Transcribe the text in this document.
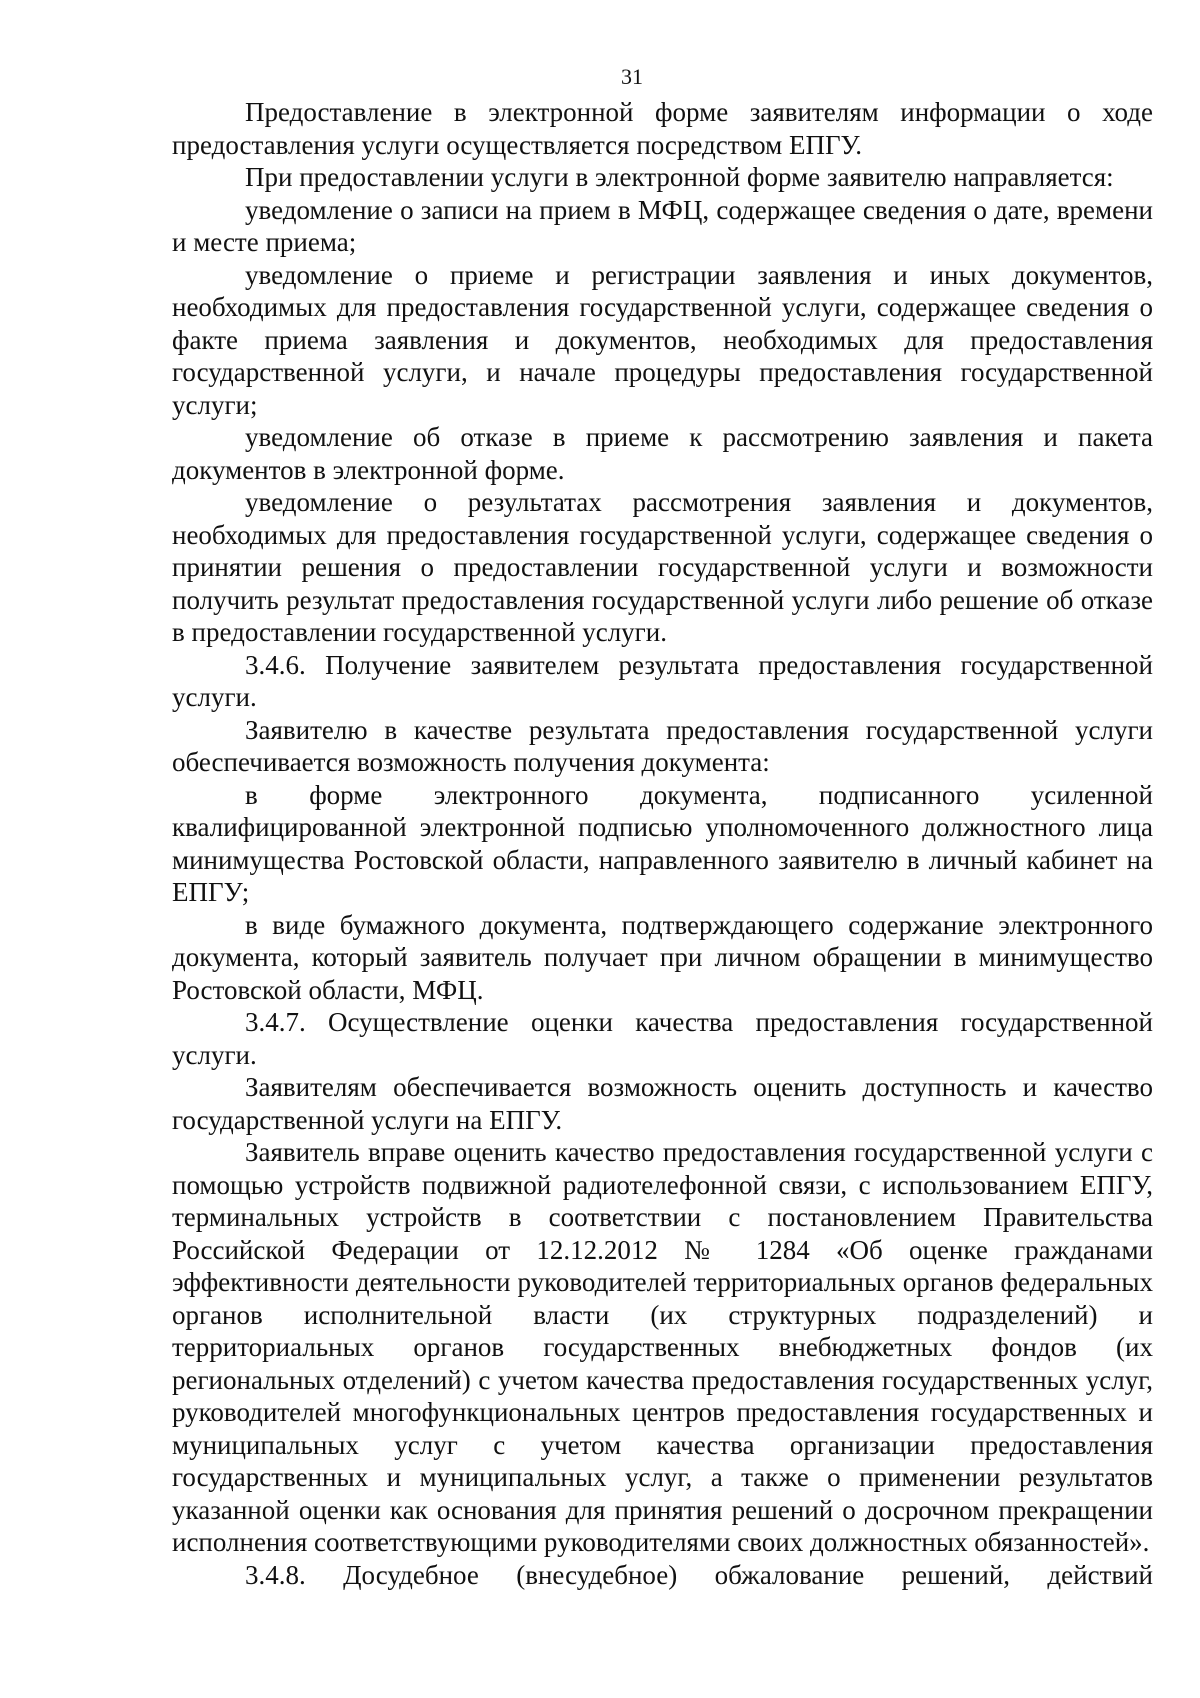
31

Предоставление в электронной форме заявителям информации о ходе предоставления услуги осуществляется посредством ЕПГУ.

При предоставлении услуги в электронной форме заявителю направляется:

уведомление о записи на прием в МФЦ, содержащее сведения о дате, времени и месте приема;

уведомление о приеме и регистрации заявления и иных документов, необходимых для предоставления государственной услуги, содержащее сведения о факте приема заявления и документов, необходимых для предоставления государственной услуги, и начале процедуры предоставления государственной услуги;

уведомление об отказе в приеме к рассмотрению заявления и пакета документов в электронной форме.

уведомление о результатах рассмотрения заявления и документов, необходимых для предоставления государственной услуги, содержащее сведения о принятии решения о предоставлении государственной услуги и возможности получить результат предоставления государственной услуги либо решение об отказе в предоставлении государственной услуги.

3.4.6. Получение заявителем результата предоставления государственной услуги.

Заявителю в качестве результата предоставления государственной услуги обеспечивается возможность получения документа:

в форме электронного документа, подписанного усиленной квалифицированной электронной подписью уполномоченного должностного лица минимущества Ростовской области, направленного заявителю в личный кабинет на ЕПГУ;

в виде бумажного документа, подтверждающего содержание электронного документа, который заявитель получает при личном обращении в минимущество Ростовской области, МФЦ.

3.4.7. Осуществление оценки качества предоставления государственной услуги.

Заявителям обеспечивается возможность оценить доступность и качество государственной услуги на ЕПГУ.

Заявитель вправе оценить качество предоставления государственной услуги с помощью устройств подвижной радиотелефонной связи, с использованием ЕПГУ, терминальных устройств в соответствии с постановлением Правительства Российской Федерации от 12.12.2012 № 1284 «Об оценке гражданами эффективности деятельности руководителей территориальных органов федеральных органов исполнительной власти (их структурных подразделений) и территориальных органов государственных внебюджетных фондов (их региональных отделений) с учетом качества предоставления государственных услуг, руководителей многофункциональных центров предоставления государственных и муниципальных услуг с учетом качества организации предоставления государственных и муниципальных услуг, а также о применении результатов указанной оценки как основания для принятия решений о досрочном прекращении исполнения соответствующими руководителями своих должностных обязанностей».

3.4.8. Досудебное (внесудебное) обжалование решений, действий
